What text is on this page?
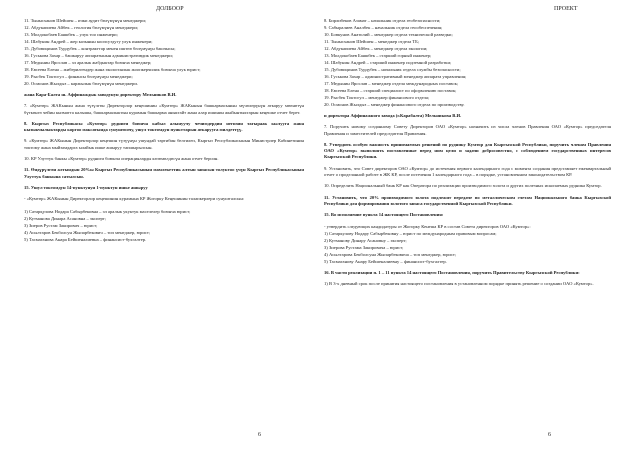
ДОЛБООР

11. Тынысханов Шейшен – ички аудит бөлүмүнүн менеджери;

12. Абдукапиева Айбек – геология бөлүмүнүн менеджери;

13. Молдокобаев Баяшбек – улук тоо инженери;

14. Шабунин Андрей – жер казынын коопсуздугу улук инженери;

15. Дубовицинов Турдубек – контракттар менен иштөө бөлүмүнүн башчысы;

16. Гуськова Захар – башкаруу аппаратынын административдик менеджери;

17. Медынин Ярослав – эл аралык жабдыктар боюнча менеджер;

18. Евсеева Елена – жиберилгендер жана экологиялык жоопкерчилик боюнча улук юрист;

19. Рысбек Токтогул – финансы бөлүмүнүн менеджери;

20. Осмонов Жылдыз – каржылык бөлүмүнүн менеджери.

жана Кара-Балта ш. Аффинаждык заводунун директору Мельников В.И.

7. «Кумтөр» ЖАКынын жана түзүлгөн Директорлор кеңешинин «Кумтөр» ЖАКынын башкармасынын мүчөлөрүнүн аткаруу мөөнөтүн бүткөнгө чейин кызматта калышы, башкармалыктын курамын башкарма аныктайт жана алар ишинин жыйынтыктарын кеңешке отчет берет.

8. Кыргыз Республикасы «Кумтөр» рудниги боюнча кабыл алынуучу чечимдердин негизин тагыраак кылууга жана кызыкчылыктарды коргоо максатында сунуштоочу, ушул токтомдун пункттарын аткарууга милдеттүү.

9. «Кумтөр» ЖАКынын Директорлор кеңешин түзүүнүн ушундай тартибин белгилеп, Кыргыз Республикасынын Министрлер Кабинетинин токтому жана мыйзамдарга ылайык ишке ашыруу тапшырылсын.

10. КР Улуттук банкы «Кумтөр» рудниги боюнча операцияларды көзөмөлдөсүн жана отчет берсин.

11. Өндүрүлгөн алтындын 20%ы Кыргыз Республикасынын мамлекеттик алтын запасын толуктоо үчүн Кыргыз Республикасынын Улуттук банкына сатылсын.

15. Ушул токтомдун 14-пунктунун 1-пунктун ишке ашыруу

- «Кумтөр» ЖАКынын Директорлор кеңешинин курамына КР Жогорку Кеңешинин талапкерлери сунушталсын:

1) Сатарқулова Нодара Сабырбековна – эл аралык укуктук маселелер боюнча юрист;

2) Кутманова Динара Асановна – эксперт;

3) Зиеров Рустам Закирович – юрист;

4) Асылтаров Бекболсун Жыпарбекович – топ менеджер, юрист;

5) Тасмаганова Анара Бейшеналиевна – финансист-бухгалтер.

6
ПРОЕКТ

8. Бирлибеков Азамат – начальник отдела геобезопасности;

9. Сабыралиев Аналбек – начальник отдела геообеспечения;

10. Бовкунов Анатолий – менеджер отдела технической разведки;

11. Тынысханов Шейшен – менеджер отдела ТБ;

12. Абдукапиева Айбек – менеджер отдела экологии;

13. Молдокобаев Баяшбек – старший горный инженер;

14. Шабунин Андрей – старший инженер подземной разработки;

15. Дубовицинов Турдубек – начальник отдела службы безопасности;

16. Гуськова Захар – административный менеджер аппарата управления;

17. Медынин Ярослав – менеджер отдела международных поставок;

18. Евсеева Елена – старший специалист по оформлению поставок;

19. Рысбек Токтогул – менеджер финансового отдела;

20. Осмонов Жылдыз – менеджер финансового отдела по производству.

и директора Аффинажного завода (г.Карабалта) Мельникова В.И.

7. Поручить новому созданному Совету Директоров ОАО «Кумтор» назначить из числа членов Правления ОАО «Кумтор» председателя Правления и заместителей председателя Правления.

8. Утвердить особую важность принимаемых решений по руднику Кумтор для Кыргызской Республики, поручить членам Правления ОАО «Кумтор» выполнять поставленные перед ним цели и задачи добросовестно, с соблюдением государственных интересов Кыргызской Республики.

9. Установить, что Совет директоров ОАО «Кумтор» до истечения первого календарного года с момента создания представляет ежеквартальный отчет о проделанной работе в ЖК КР, после истечения 1 календарного года – в порядке, установленном законодательством КР.

10. Определить Национальный банк КР как Оператора по реализации производимого золота и других полезных ископаемых рудника Кумтор.

11. Установить, что 20% производимого золота подлежит передаче по металлическим счетам Национального банка Кыргызской Республики для формирования золотого запаса государственной Кыргызской Республики.

15. Во исполнение пункта 14 настоящего Постановления:

- утвердить следующих кандидатуры от Жогорку Кенеша КР в состав Совета директоров ОАО «Кумтор»:

1) Сатаркулову Нодару Сабырбековну – юрист по международным правовым вопросам;

2) Кутманову Динару Асановну – эксперт;

3) Зиерова Рустама Закировича – юрист;

4) Асылтарова Бекболсуна Жыпарбековича – топ менеджер, юрист;

5) Тасмаганову Анару Бейшеналиевну – финансист-бухгалтер.

16. В части реализации п. 1 – 11 пункта 14 настоящего Постановления, поручить Правительству Кыргызской Республики:

1) В 3-х дневный срок после принятия настоящего постановления в установленном порядке принять решение о создании ОАО «Кумтор».

6
